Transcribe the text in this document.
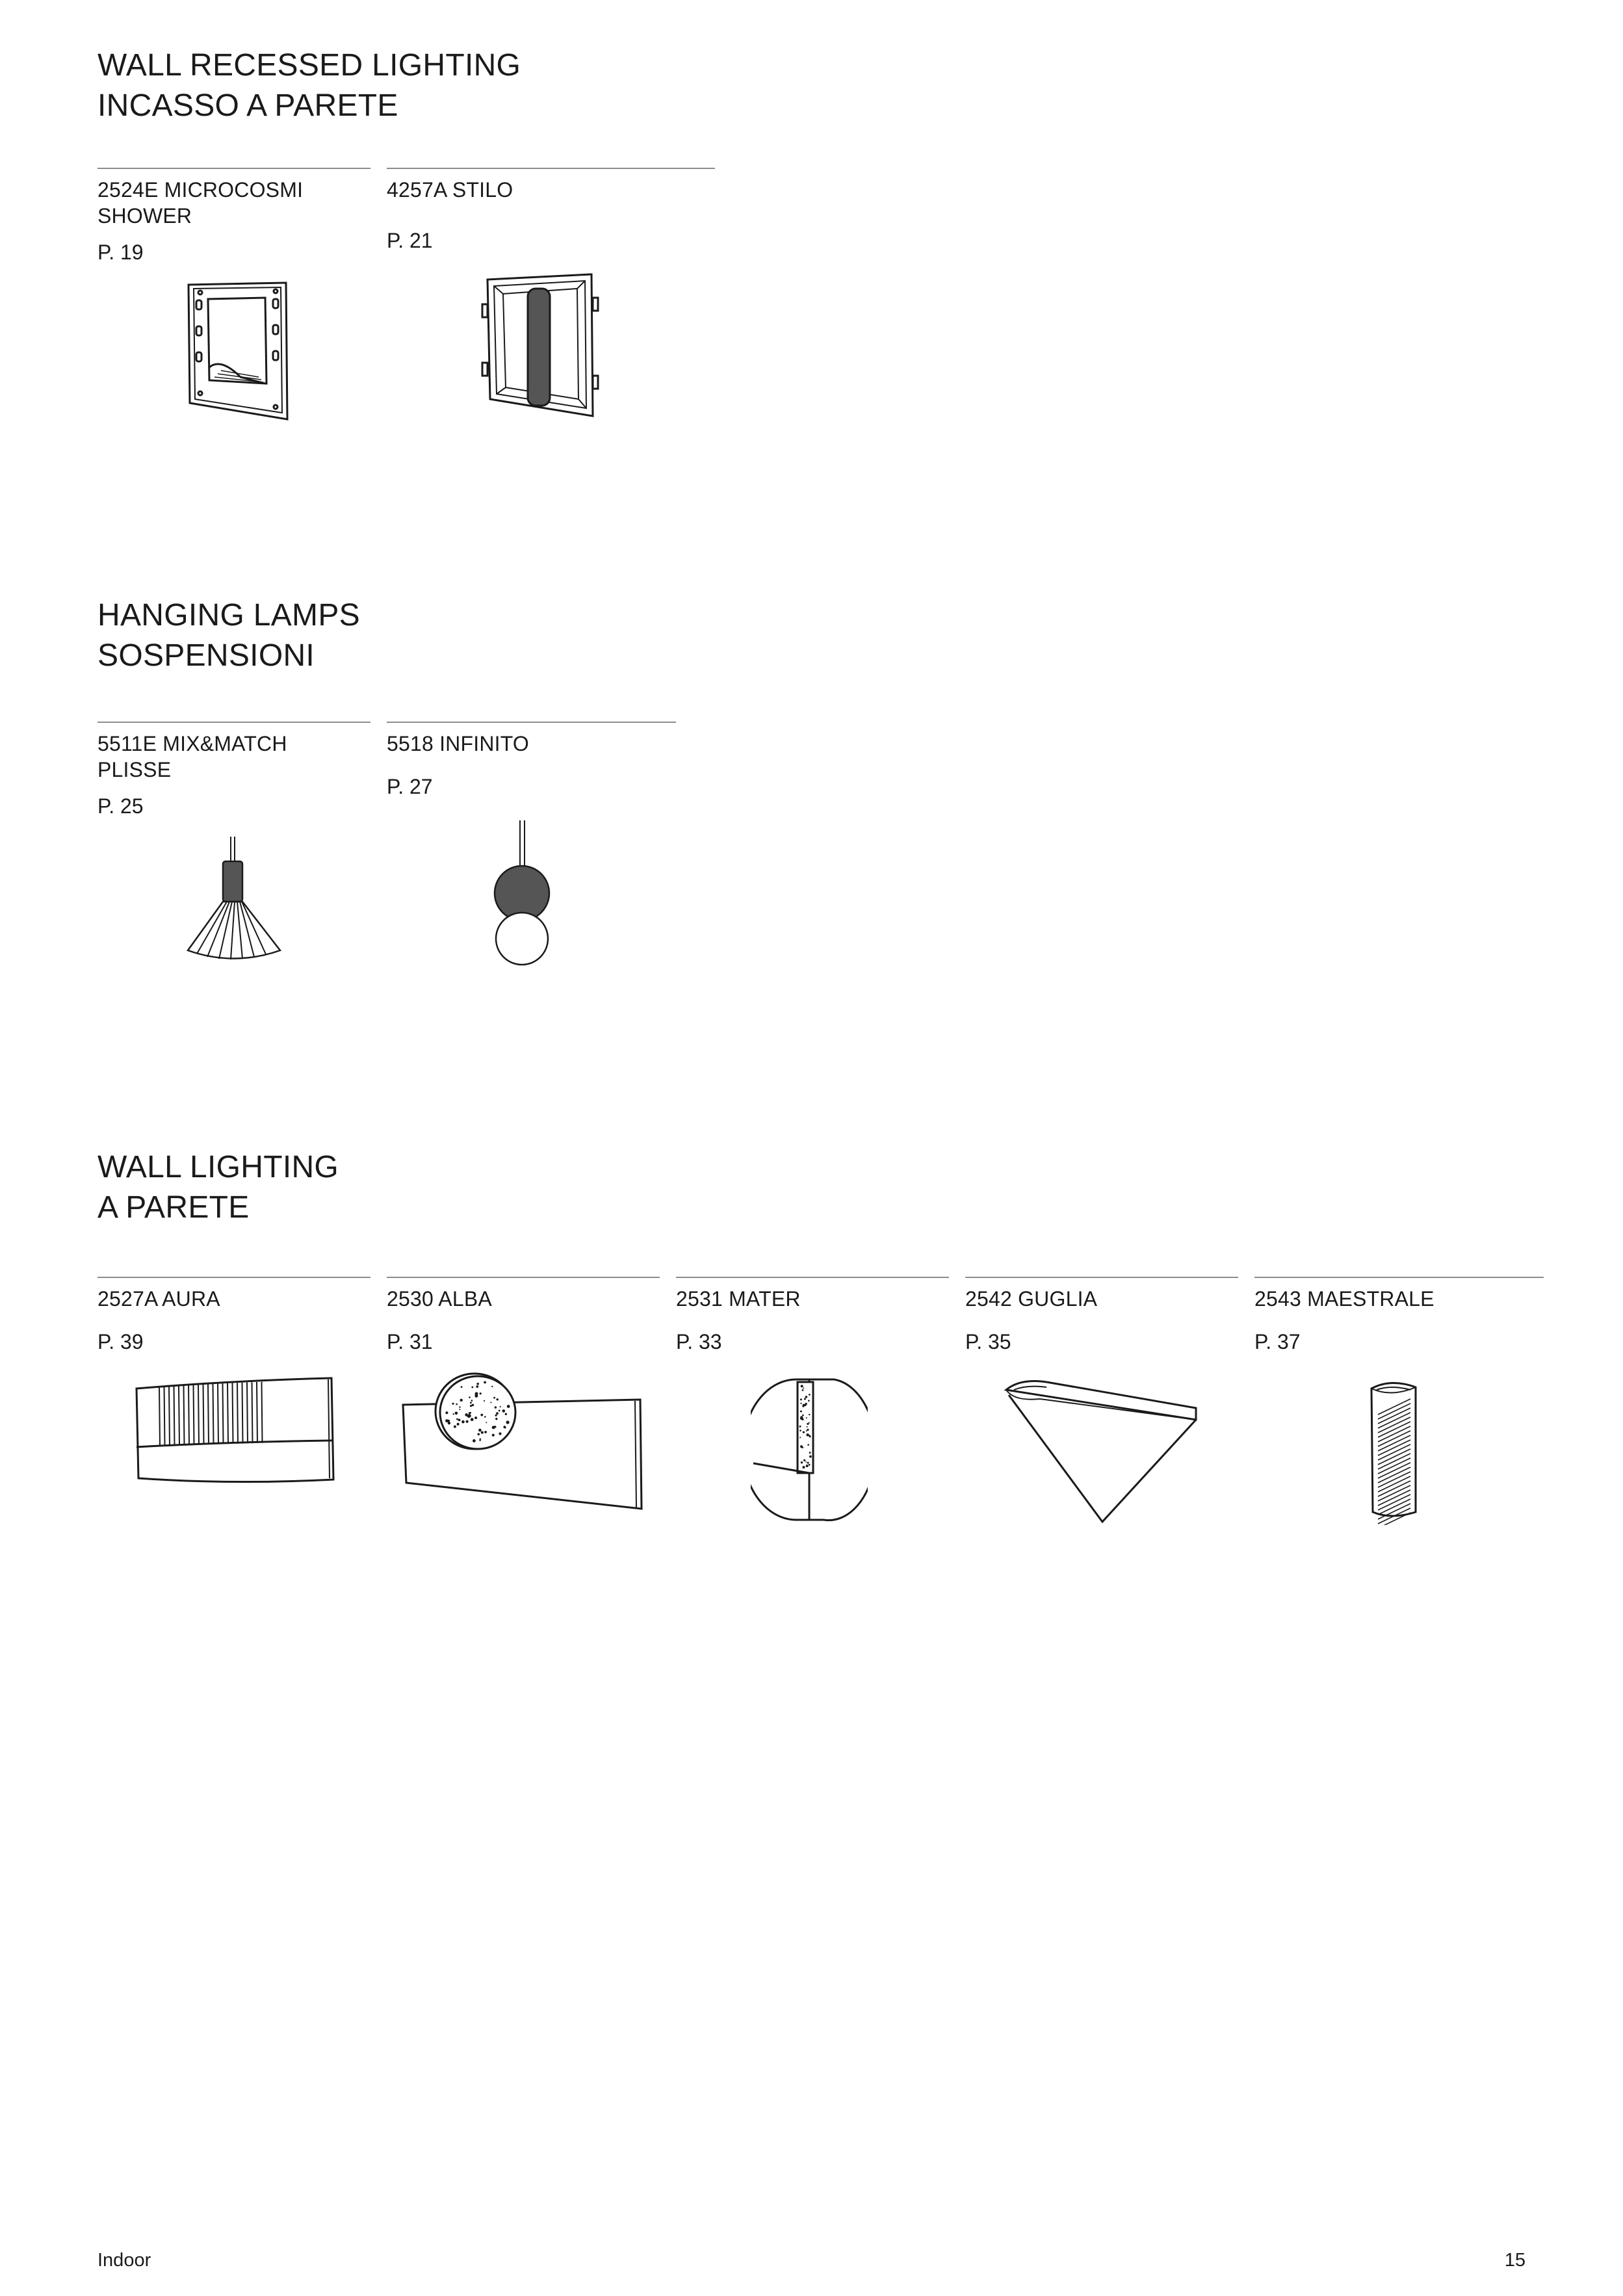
WALL RECESSED LIGHTING
INCASSO A PARETE
2524E MICROCOSMI
SHOWER
P. 19
4257A STILO
P. 21
HANGING LAMPS
SOSPENSIONI
5511E MIX&MATCH
PLISSE
P. 25
5518 INFINITO
P. 27
WALL LIGHTING
A PARETE
2527A AURA
P. 39
2530 ALBA
P. 31
2531 MATER
P. 33
2542 GUGLIA
P. 35
2543 MAESTRALE
P. 37
Indoor	15
